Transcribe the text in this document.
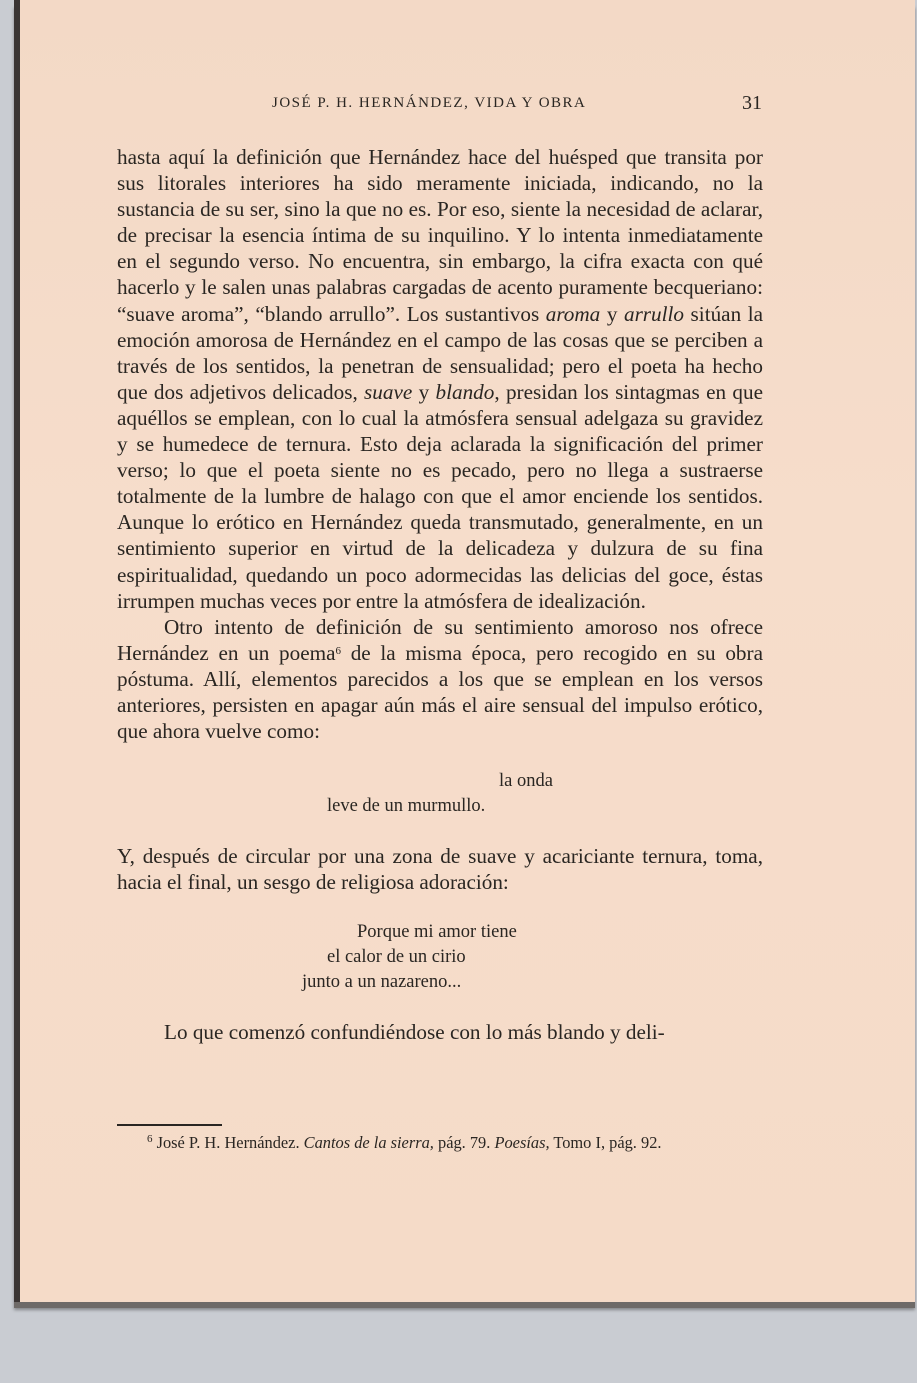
JOSÉ P. H. HERNÁNDEZ, VIDA Y OBRA	31

hasta aquí la definición que Hernández hace del huésped que transita por sus litorales interiores ha sido meramente iniciada, indicando, no la sustancia de su ser, sino la que no es. Por eso, siente la necesidad de aclarar, de precisar la esencia íntima de su inquilino. Y lo intenta inmediatamente en el segundo verso. No encuentra, sin embargo, la cifra exacta con qué hacerlo y le salen unas palabras cargadas de acento puramente becqueriano: “suave aroma”, “blando arrullo”. Los sustantivos aroma y arrullo sitúan la emoción amorosa de Hernández en el campo de las cosas que se perciben a través de los sentidos, la penetran de sensualidad; pero el poeta ha hecho que dos adjetivos delicados, suave y blando, presidan los sintagmas en que aquéllos se emplean, con lo cual la atmósfera sensual adelgaza su gravidez y se humedece de ternura. Esto deja aclarada la significación del primer verso; lo que el poeta siente no es pecado, pero no llega a sustraerse totalmente de la lumbre de halago con que el amor enciende los sentidos. Aunque lo erótico en Hernández queda transmutado, generalmente, en un sentimiento superior en virtud de la delicadeza y dulzura de su fina espiritualidad, quedando un poco adormecidas las delicias del goce, éstas irrumpen muchas veces por entre la atmósfera de idealización.

Otro intento de definición de su sentimiento amoroso nos ofrece Hernández en un poema$^6$ de la misma época, pero recogido en su obra póstuma. Allí, elementos parecidos a los que se emplean en los versos anteriores, persisten en apagar aún más el aire sensual del impulso erótico, que ahora vuelve como:

la onda
leve de un murmullo.

Y, después de circular por una zona de suave y acariciante ternura, toma, hacia el final, un sesgo de religiosa adoración:

Porque mi amor tiene
el calor de un cirio
junto a un nazareno...

Lo que comenzó confundiéndose con lo más blando y deli-

$^6$ José P. H. Hernández. Cantos de la sierra, pág. 79. Poesías, Tomo I, pág. 92.
